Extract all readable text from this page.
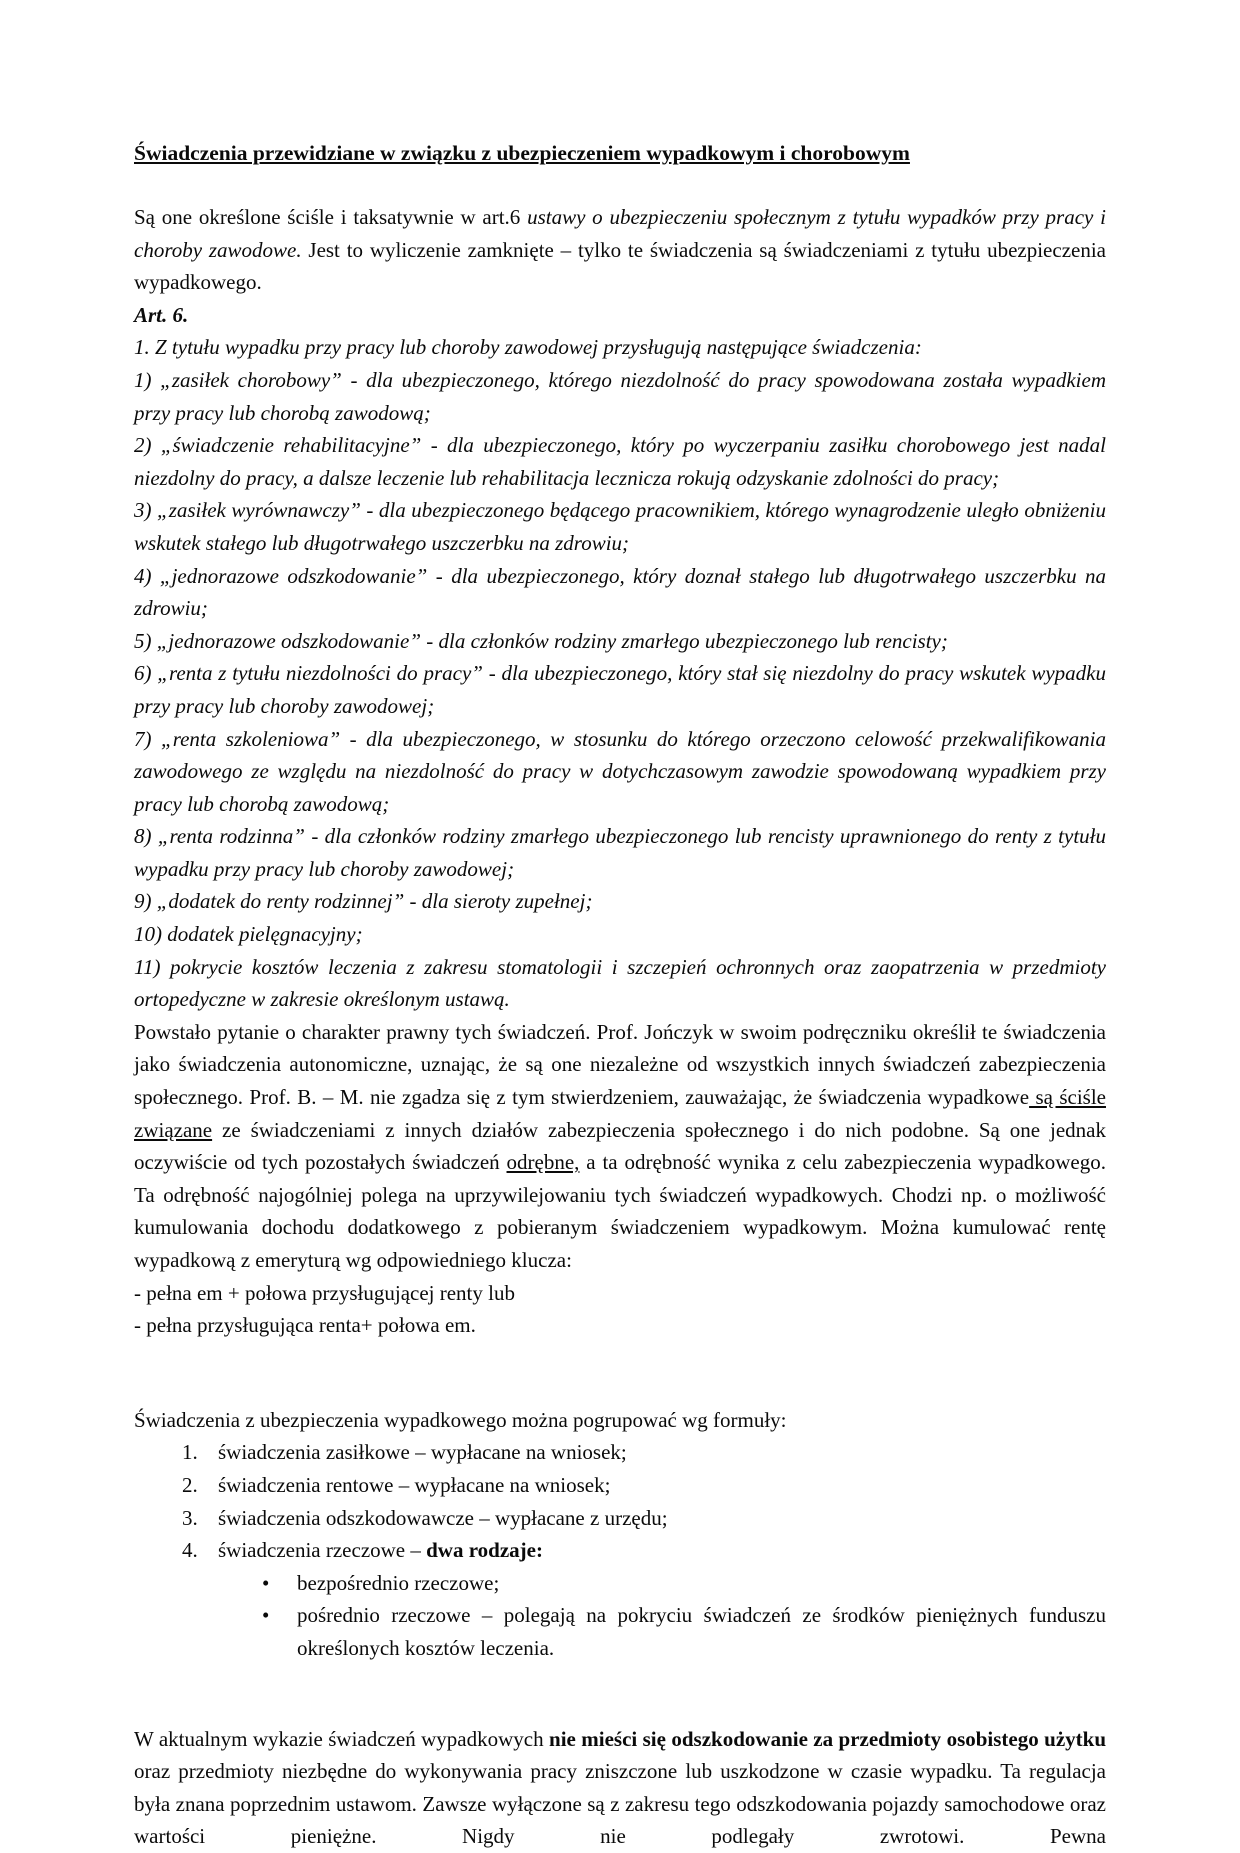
Świadczenia przewidziane w związku z ubezpieczeniem wypadkowym i chorobowym
Są one określone ściśle i taksatywnie w art.6 ustawy o ubezpieczeniu społecznym z tytułu wypadków przy pracy i choroby zawodowe. Jest to wyliczenie zamknięte – tylko te świadczenia są świadczeniami z tytułu ubezpieczenia wypadkowego.
Art. 6.
1. Z tytułu wypadku przy pracy lub choroby zawodowej przysługują następujące świadczenia:
1) „zasiłek chorobowy” - dla ubezpieczonego, którego niezdolność do pracy spowodowana została wypadkiem przy pracy lub chorobą zawodową;
2) „świadczenie rehabilitacyjne” - dla ubezpieczonego, który po wyczerpaniu zasiłku chorobowego jest nadal niezdolny do pracy, a dalsze leczenie lub rehabilitacja lecznicza rokują odzyskanie zdolności do pracy;
3) „zasiłek wyrównawczy” - dla ubezpieczonego będącego pracownikiem, którego wynagrodzenie uległo obniżeniu wskutek stałego lub długotrwałego uszczerbku na zdrowiu;
4) „jednorazowe odszkodowanie” - dla ubezpieczonego, który doznał stałego lub długotrwałego uszczerbku na zdrowiu;
5) „jednorazowe odszkodowanie” - dla członków rodziny zmarłego ubezpieczonego lub rencisty;
6) „renta z tytułu niezdolności do pracy” - dla ubezpieczonego, który stał się niezdolny do pracy wskutek wypadku przy pracy lub choroby zawodowej;
7) „renta szkoleniowa” - dla ubezpieczonego, w stosunku do którego orzeczono celowość przekwalifikowania zawodowego ze względu na niezdolność do pracy w dotychczasowym zawodzie spowodowaną wypadkiem przy pracy lub chorobą zawodową;
8) „renta rodzinna” - dla członków rodziny zmarłego ubezpieczonego lub rencisty uprawnionego do renty z tytułu wypadku przy pracy lub choroby zawodowej;
9) „dodatek do renty rodzinnej” - dla sieroty zupełnej;
10) dodatek pielęgnacyjny;
11) pokrycie kosztów leczenia z zakresu stomatologii i szczepień ochronnych oraz zaopatrzenia w przedmioty ortopedyczne w zakresie określonym ustawą.
Powstało pytanie o charakter prawny tych świadczeń. Prof. Jończyk w swoim podręczniku określił te świadczenia jako świadczenia autonomiczne, uznając, że są one niezależne od wszystkich innych świadczeń zabezpieczenia społecznego. Prof. B. – M. nie zgadza się z tym stwierdzeniem, zauważając, że świadczenia wypadkowe są ściśle związane ze świadczeniami z innych działów zabezpieczenia społecznego i do nich podobne. Są one jednak oczywiście od tych pozostałych świadczeń odrębne, a ta odrębność wynika z celu zabezpieczenia wypadkowego. Ta odrębność najogólniej polega na uprzywilejowaniu tych świadczeń wypadkowych. Chodzi np. o możliwość kumulowania dochodu dodatkowego z pobieranym świadczeniem wypadkowym. Można kumulować rentę wypadkową z emeryturą wg odpowiedniego klucza:
- pełna em + połowa przysługującej renty lub
- pełna przysługująca renta+ połowa em.
Świadczenia z ubezpieczenia wypadkowego można pogrupować wg formuły:
1. świadczenia zasiłkowe – wypłacane na wniosek;
2. świadczenia rentowe – wypłacane na wniosek;
3. świadczenia odszkodowawcze – wypłacane z urzędu;
4. świadczenia rzeczowe – dwa rodzaje:
•	bezpośrednio rzeczowe;
•	pośrednio rzeczowe – polegają na pokryciu świadczeń ze środków pieniężnych funduszu określonych kosztów leczenia.
W aktualnym wykazie świadczeń wypadkowych nie mieści się odszkodowanie za przedmioty osobistego użytku oraz przedmioty niezbędne do wykonywania pracy zniszczone lub uszkodzone w czasie wypadku. Ta regulacja była znana poprzednim ustawom. Zawsze wyłączone są z zakresu tego odszkodowania pojazdy samochodowe oraz wartości pieniężne. Nigdy nie podlegały zwrotowi. Pewna
